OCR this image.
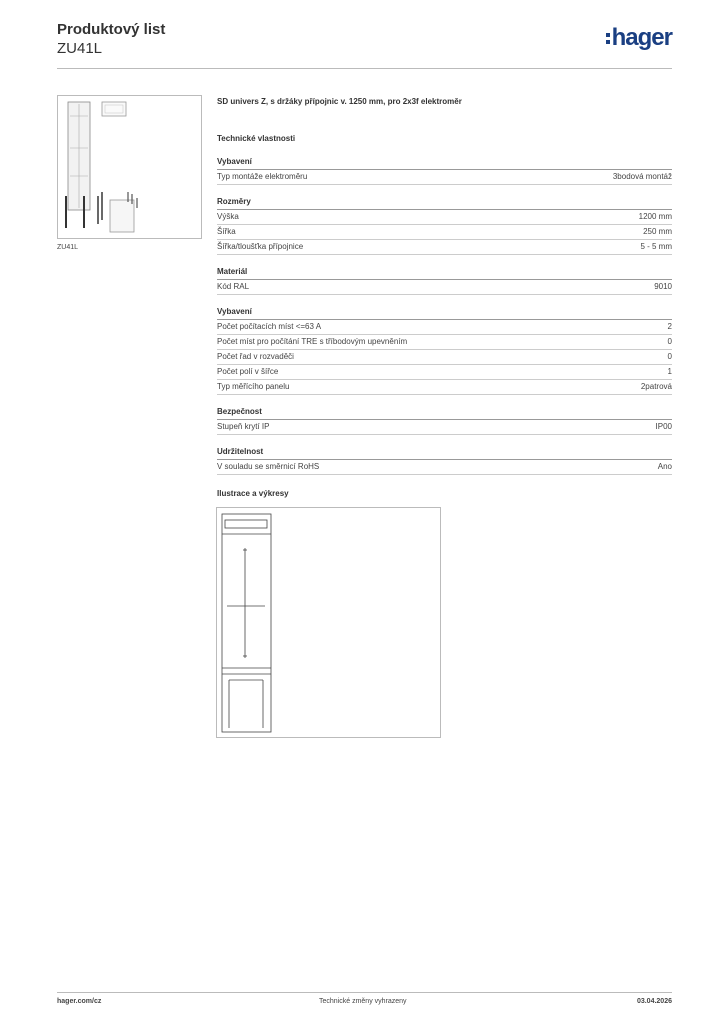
Produktový list
ZU41L	hager
ZU41L
SD univers Z, s držáky přípojnic v. 1250 mm, pro 2x3f elektroměr
Technické vlastnosti
Vybavení
Typ montáže elektroměru	3bodová montáž
Rozměry
Výška	1200 mm
Šířka	250 mm
Šířka/tloušťka přípojnice	5 - 5 mm
Materiál
Kód RAL	9010
Vybavení
Počet počítacích míst <=63 A	2
Počet míst pro počítání TRE s tříbodovým upevněním	0
Počet řad v rozvaděči	0
Počet polí v šířce	1
Typ měřícího panelu	2patrová
Bezpečnost
Stupeň krytí IP	IP00
Udržitelnost
V souladu se směrnicí RoHS	Ano
Ilustrace a výkresy
hager.com/cz	Technické změny vyhrazeny	03.04.2026
